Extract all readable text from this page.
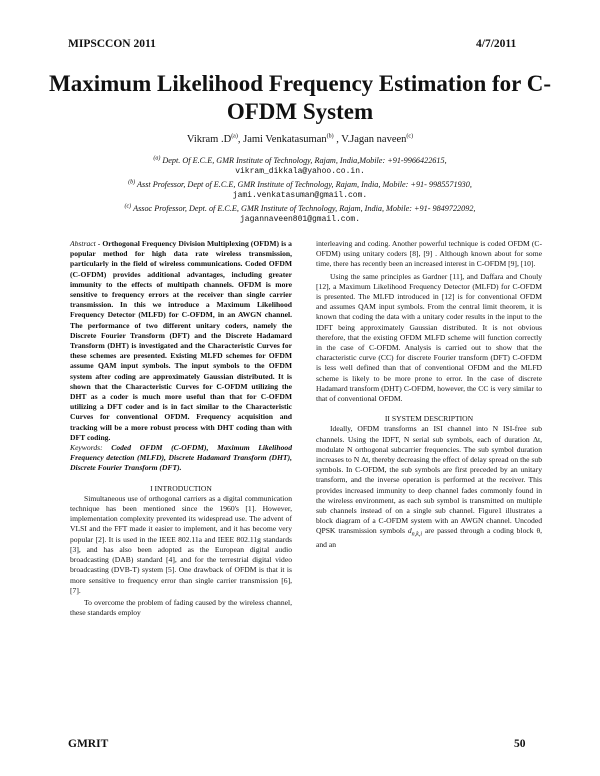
MIPSCCON 2011	4/7/2011
Maximum Likelihood Frequency Estimation for C-OFDM System
Vikram $.D^{(a)}$, Jami Venkatasuman$^{(b)}$ , V.Jagan naveen$^{(c)}$
$^{(a)}$ Dept. Of E.C.E, GMR Institute of Technology, Rajam, India,Mobile: +91-9966422615,
vikram_dikkala@yahoo.co.in.
$^{(b)}$ Asst Professor, Dept of E.C.E, GMR Institute of Technology, Rajam, India, Mobile: +91- 9985571930,
jami.venkatasuman@gmail.com.
$^{(c)}$ Assoc Professor, Dept. of E.C.E, GMR Institute of Technology, Rajam, India, Mobile: +91- 9849722092,
jagannaveen801@gmail.com.

Abstract - Orthogonal Frequency Division Multiplexing (OFDM) is a popular method for high data rate wireless transmission, particularly in the field of wireless communications. Coded OFDM (C-OFDM) provides additional advantages, including greater immunity to the effects of multipath channels. OFDM is more sensitive to frequency errors at the receiver than single carrier transmission. In this we introduce a Maximum Likelihood Frequency Detector (MLFD) for C-OFDM, in an AWGN channel. The performance of two different unitary coders, namely the Discrete Fourier Transform (DFT) and the Discrete Hadamard Transform (DHT) is investigated and the Characteristic Curves for these schemes are presented. Existing MLFD schemes for OFDM assume QAM input symbols. The input symbols to the OFDM system after coding are approximately Gaussian distributed. It is shown that the Characteristic Curves for C-OFDM utilizing the DHT as a coder is much more useful than that for C-OFDM utilizing a DFT coder and is in fact similar to the Characteristic Curves for conventional OFDM. Frequency acquisition and tracking will be a more robust process with DHT coding than with DFT coding.

Keywords: Coded OFDM (C-OFDM), Maximum Likelihood Frequency detection (MLFD), Discrete Hadamard Transform (DHT), Discrete Fourier Transform (DFT).

I INTRODUCTION

Simultaneous use of orthogonal carriers as a digital communication technique has been mentioned since the 1960's [1]. However, implementation complexity prevented its widespread use. The advent of VLSI and the FFT made it easier to implement, and it has become very popular [2]. It is used in the IEEE 802.11a and IEEE 802.11g standards [3], and has also been adopted as the European digital audio broadcasting (DAB) standard [4], and for the terrestrial digital video broadcasting (DVB-T) system [5]. One drawback of OFDM is that it is more sensitive to frequency error than single carrier transmission [6], [7].

To overcome the problem of fading caused by the wireless channel, these standards employ

interleaving and coding. Another powerful technique is coded OFDM (C-OFDM) using unitary coders [8], [9] . Although known about for some time, there has recently been an increased interest in C-OFDM [9], [10].

Using the same principles as Gardner [11], and Daffara and Chouly [12], a Maximum Likelihood Frequency Detector (MLFD) for C-OFDM is presented. The MLFD introduced in [12] is for conventional OFDM and assumes QAM input symbols. From the central limit theorem, it is known that coding the data with a unitary coder results in the input to the IDFT being approximately Gaussian distributed. It is not obvious therefore, that the existing OFDM MLFD scheme will function correctly in the case of C-OFDM. Analysis is carried out to show that the characteristic curve (CC) for discrete Fourier transform (DFT) C-OFDM is less well defined than that of conventional OFDM and the MLFD scheme is likely to be more prone to error. In the case of discrete Hadamard transform (DHT) C-OFDM, however, the CC is very similar to that of conventional OFDM.

II SYSTEM DESCRIPTION

Ideally, OFDM transforms an ISI channel into N ISI-free sub channels. Using the IDFT, N serial sub symbols, each of duration Δt, modulate N orthogonal subcarrier frequencies. The sub symbol duration increases to N Δt, thereby decreasing the effect of delay spread on the sub symbols. In C-OFDM, the sub symbols are first preceded by an unitary transform, and the inverse operation is performed at the receiver. This provides increased immunity to deep channel fades commonly found in the wireless environment, as each sub symbol is transmitted on multiple sub channels instead of on a single sub channel. Figure1 illustrates a block diagram of a C-OFDM system with an AWGN channel. Uncoded QPSK transmission symbols $d_{n,k,i}$ are passed through a coding block θ, and an

GMRIT	50
